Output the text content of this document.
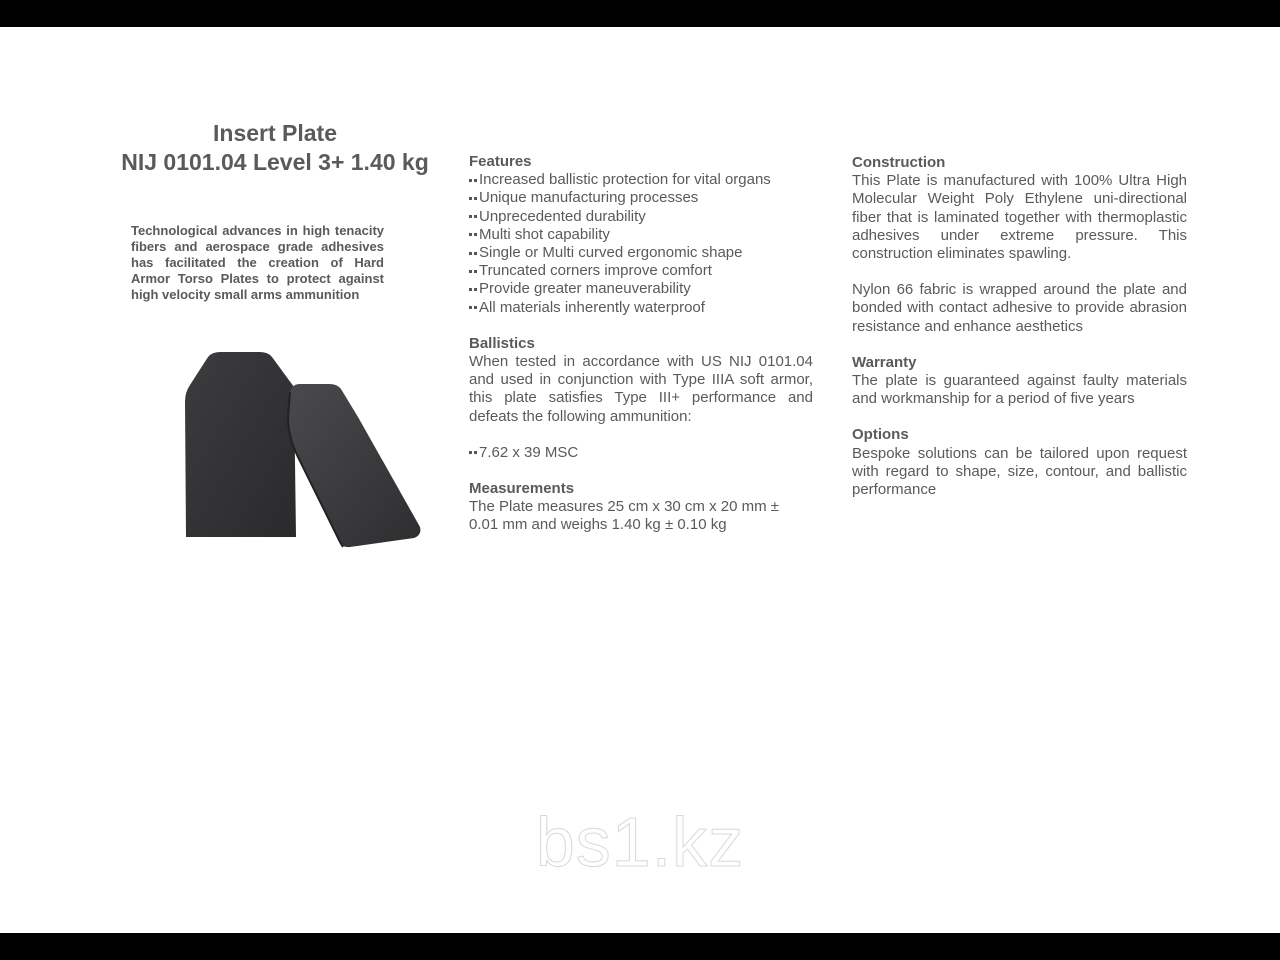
Insert Plate
NIJ 0101.04 Level 3+ 1.40 kg
Technological advances in high tenacity fibers and aerospace grade adhesives has facilitated the creation of Hard Armor Torso Plates to protect against high velocity small arms ammunition
Features
Increased ballistic protection for vital organs
Unique manufacturing processes
Unprecedented durability
Multi shot capability
Single or Multi curved ergonomic shape
Truncated corners improve comfort
Provide greater maneuverability
All materials inherently waterproof
Ballistics
When tested in accordance with US NIJ 0101.04 and used in conjunction with Type IIIA soft armor, this plate satisfies Type III+ performance and defeats the following ammunition:
7.62 x 39 MSC
Measurements
The Plate measures 25 cm x 30 cm x 20 mm ± 0.01 mm and weighs 1.40 kg ± 0.10 kg
Construction
This Plate is manufactured with 100% Ultra High Molecular Weight Poly Ethylene uni-directional fiber that is laminated together with thermoplastic adhesives under extreme pressure. This construction eliminates spawling.
Nylon 66 fabric is wrapped around the plate and bonded with contact adhesive to provide abrasion resistance and enhance aesthetics
Warranty
The plate is guaranteed against faulty materials and workmanship for a period of five years
Options
Bespoke solutions can be tailored upon request with regard to shape, size, contour, and ballistic performance
bs1.kz
